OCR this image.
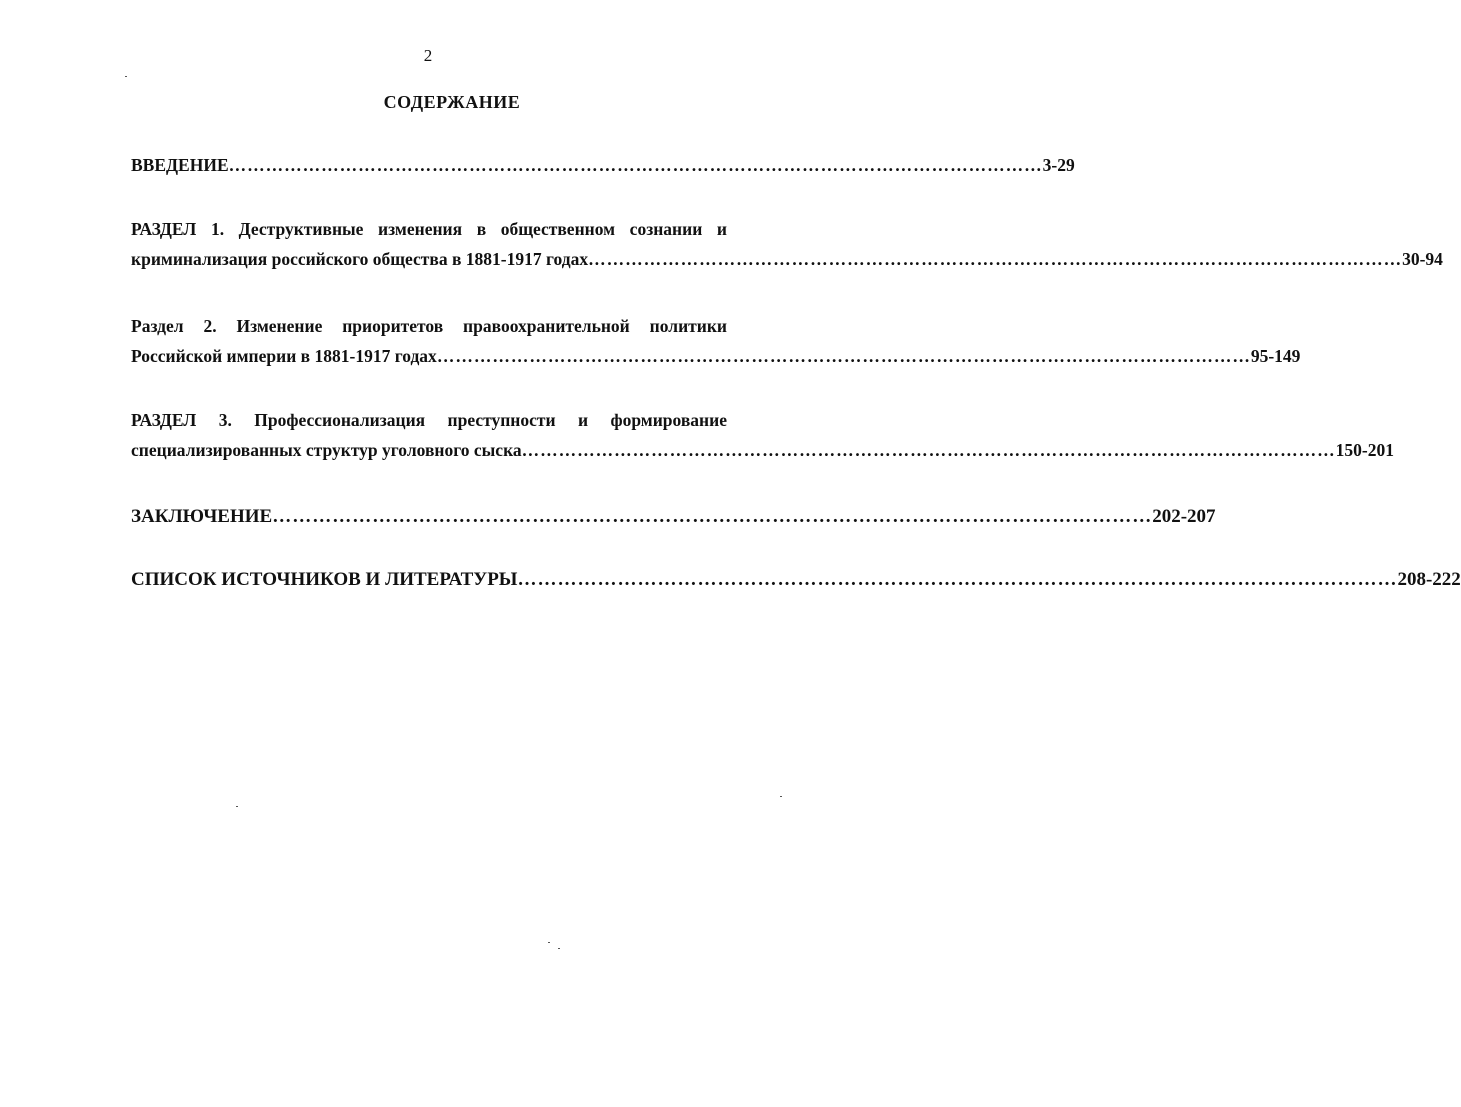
2
СОДЕРЖАНИЕ
ВВЕДЕНИЕ …………………………………………………………………………………………………………………… 3-29
РАЗДЕЛ 1. Деструктивные изменения в общественном сознании и
криминализация российского общества в 1881-1917 годах …………………………………………………………………………………………………………………… 30-94
Раздел 2. Изменение приоритетов правоохранительной политики
Российской империи в 1881-1917 годах …………………………………………………………………………………………………………………… 95-149
РАЗДЕЛ 3. Профессионализация преступности и формирование
специализированных структур уголовного сыска …………………………………………………………………………………………………………………… 150-201
ЗАКЛЮЧЕНИЕ …………………………………………………………………………………………………………………… 202-207
СПИСОК ИСТОЧНИКОВ И ЛИТЕРАТУРЫ …………………………………………………………………………………………………………………… 208-222
